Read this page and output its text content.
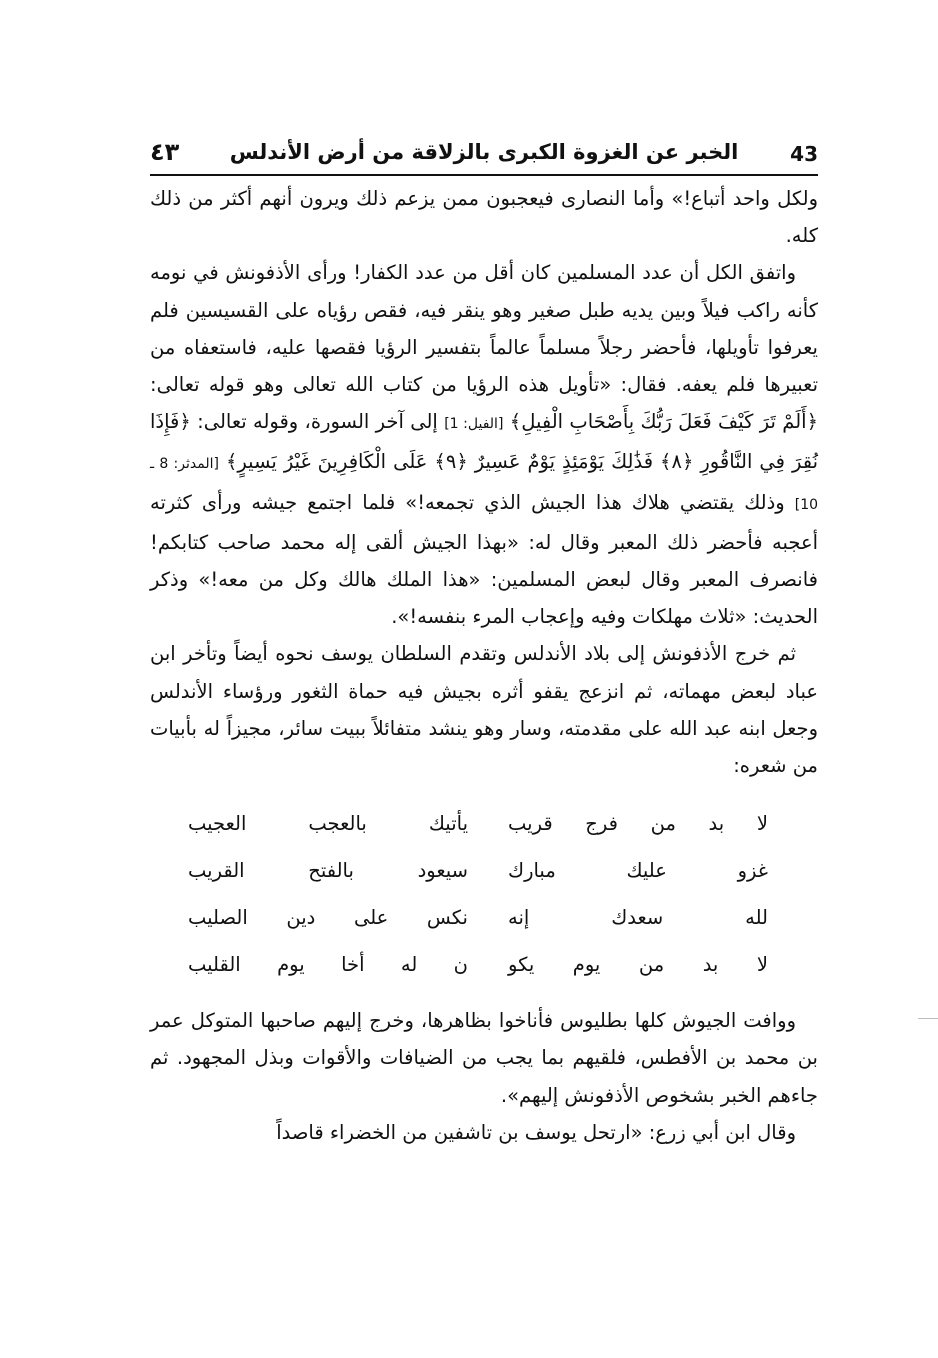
٤٣	الخبر عن الغزوة الكبرى بالزلاقة من أرض الأندلس	43

ولكل واحد أتباع!» وأما النصارى فيعجبون ممن يزعم ذلك ويرون أنهم أكثر من ذلك كله.

واتفق الكل أن عدد المسلمين كان أقل من عدد الكفار! ورأى الأذفونش في نومه كأنه راكب فيلاً وبين يديه طبل صغير وهو ينقر فيه، فقص رؤياه على القسيسين فلم يعرفوا تأويلها، فأحضر رجلاً مسلماً عالماً بتفسير الرؤيا فقصها عليه، فاستعفاه من تعبيرها فلم يعفه. فقال: «تأويل هذه الرؤيا من كتاب الله تعالى وهو قوله تعالى: ﴿أَلَمْ تَرَ كَيْفَ فَعَلَ رَبُّكَ بِأَصْحَابِ الْفِيلِ﴾ [الفيل: 1] إلى آخر السورة، وقوله تعالى: ﴿فَإِذَا نُقِرَ فِي النَّاقُورِ ﴿٨﴾ فَذَٰلِكَ يَوْمَئِذٍ يَوْمٌ عَسِيرٌ ﴿٩﴾ عَلَى الْكَافِرِينَ غَيْرُ يَسِيرٍ﴾ [المدثر: 8 ـ 10] وذلك يقتضي هلاك هذا الجيش الذي تجمعه!» فلما اجتمع جيشه ورأى كثرته أعجبه فأحضر ذلك المعبر وقال له: «بهذا الجيش ألقى إله محمد صاحب كتابكم! فانصرف المعبر وقال لبعض المسلمين: «هذا الملك هالك وكل من معه!» وذكر الحديث: «ثلاث مهلكات وفيه وإعجاب المرء بنفسه!».

ثم خرج الأذفونش إلى بلاد الأندلس وتقدم السلطان يوسف نحوه أيضاً وتأخر ابن عباد لبعض مهماته، ثم انزعج يقفو أثره بجيش فيه حماة الثغور ورؤساء الأندلس وجعل ابنه عبد الله على مقدمته، وسار وهو ينشد متفائلاً ببيت سائر، مجيزاً له بأبيات من شعره:

لا بد من فرج قريب
يأتيك بالعجب العجيب
غزو عليك مبارك
سيعود بالفتح القريب
لله سعدك إنه
نكس على دين الصليب
لا بد من يوم يكو
ن له أخا يوم القليب

ووافت الجيوش كلها بطليوس فأناخوا بظاهرها، وخرج إليهم صاحبها المتوكل عمر بن محمد بن الأفطس، فلقيهم بما يجب من الضيافات والأقوات وبذل المجهود. ثم جاءهم الخبر بشخوص الأذفونش إليهم».

وقال ابن أبي زرع: «ارتحل يوسف بن تاشفين من الخضراء قاصداً
